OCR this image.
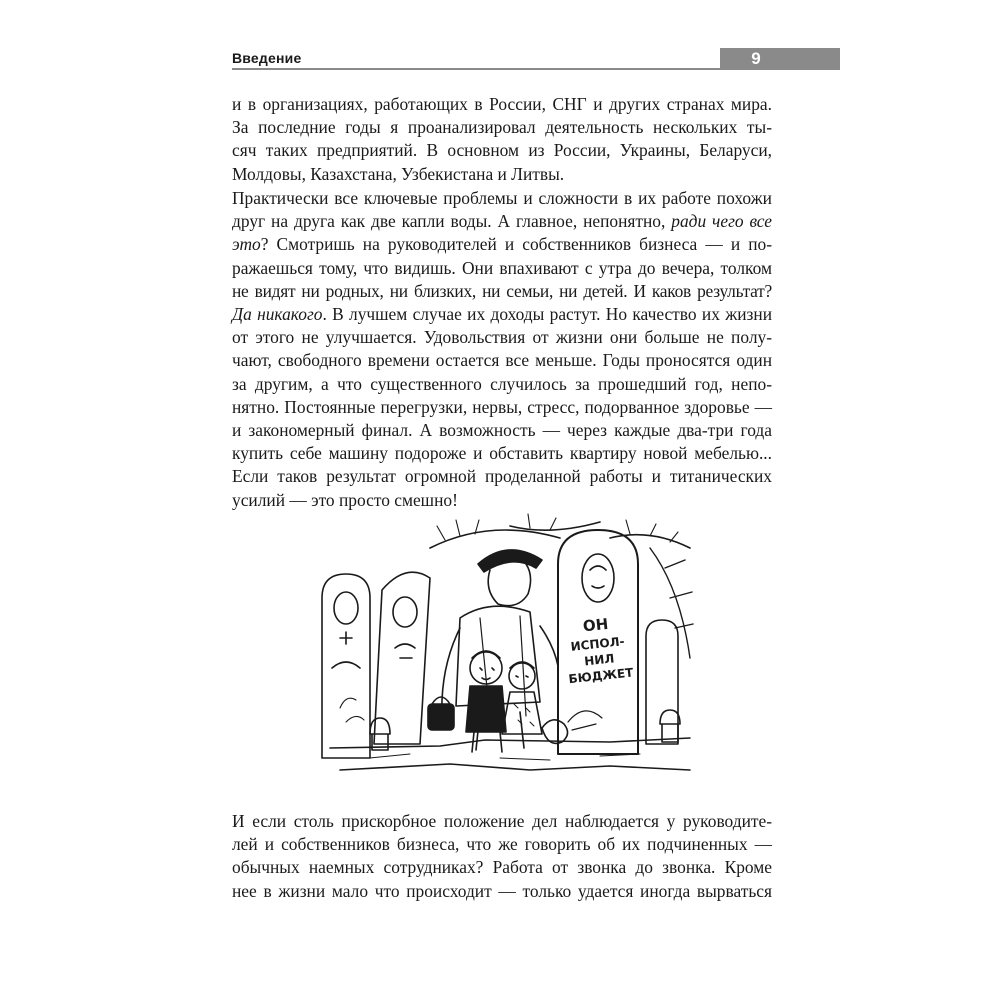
Введение	9

и в организациях, работающих в России, СНГ и других странах мира.
За последние годы я проанализировал деятельность нескольких ты-
сяч таких предприятий. В основном из России, Украины, Беларуси,
Молдовы, Казахстана, Узбекистана и Литвы.

Практически все ключевые проблемы и сложности в их работе похожи
друг на друга как две капли воды. А главное, непонятно, ради чего все
это? Смотришь на руководителей и собственников бизнеса — и по-
ражаешься тому, что видишь. Они впахивают с утра до вечера, толком
не видят ни родных, ни близких, ни семьи, ни детей. И каков результат?
Да никакого. В лучшем случае их доходы растут. Но качество их жизни
от этого не улучшается. Удовольствия от жизни они больше не полу-
чают, свободного времени остается все меньше. Годы проносятся один
за другим, а что существенного случилось за прошедший год, непо-
нятно. Постоянные перегрузки, нервы, стресс, подорванное здоровье —
и закономерный финал. А возможность — через каждые два-три года
купить себе машину подороже и обставить квартиру новой мебелью...
Если таков результат огромной проделанной работы и титанических
усилий — это просто смешно!

ОН
ИСПОЛ-
НИЛ
БЮДЖЕТ

И если столь прискорбное положение дел наблюдается у руководите-
лей и собственников бизнеса, что же говорить об их подчиненных —
обычных наемных сотрудниках? Работа от звонка до звонка. Кроме
нее в жизни мало что происходит — только удается иногда вырваться
